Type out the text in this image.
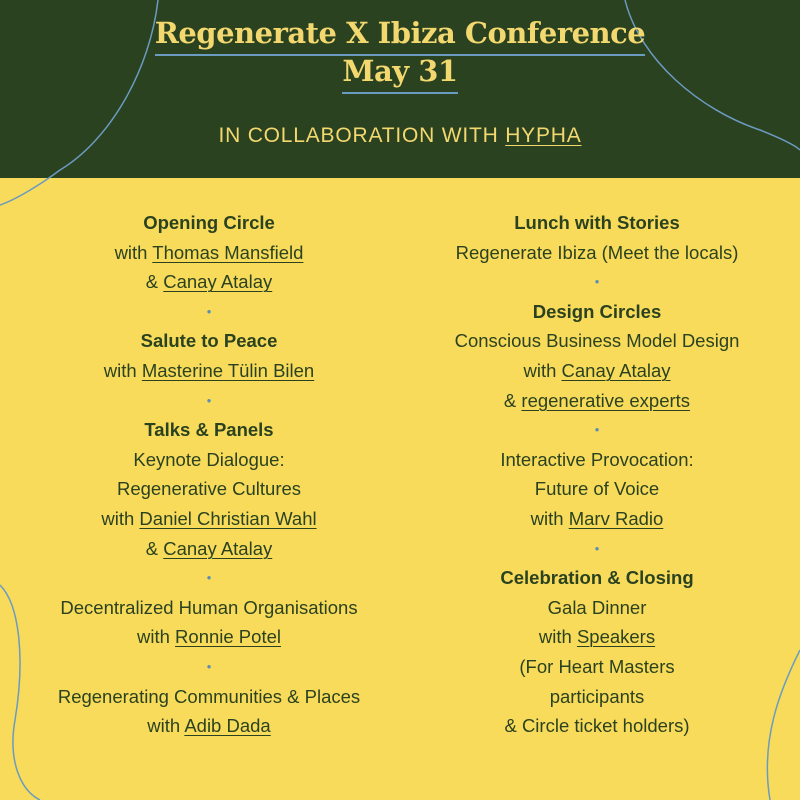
Regenerate X Ibiza Conference
May 31
IN COLLABORATION WITH HYPHA
Opening Circle
with Thomas Mansfield
& Canay Atalay
•
Salute to Peace
with Masterine Tülin Bilen
•
Talks & Panels
Keynote Dialogue:
Regenerative Cultures
with Daniel Christian Wahl
& Canay Atalay
•
Decentralized Human Organisations
with Ronnie Potel
•
Regenerating Communities & Places
with Adib Dada
Lunch with Stories
Regenerate Ibiza (Meet the locals)
•
Design Circles
Conscious Business Model Design
with Canay Atalay
& regenerative experts
•
Interactive Provocation:
Future of Voice
with Marv Radio
•
Celebration & Closing
Gala Dinner
with Speakers
(For Heart Masters
participants
& Circle ticket holders)
